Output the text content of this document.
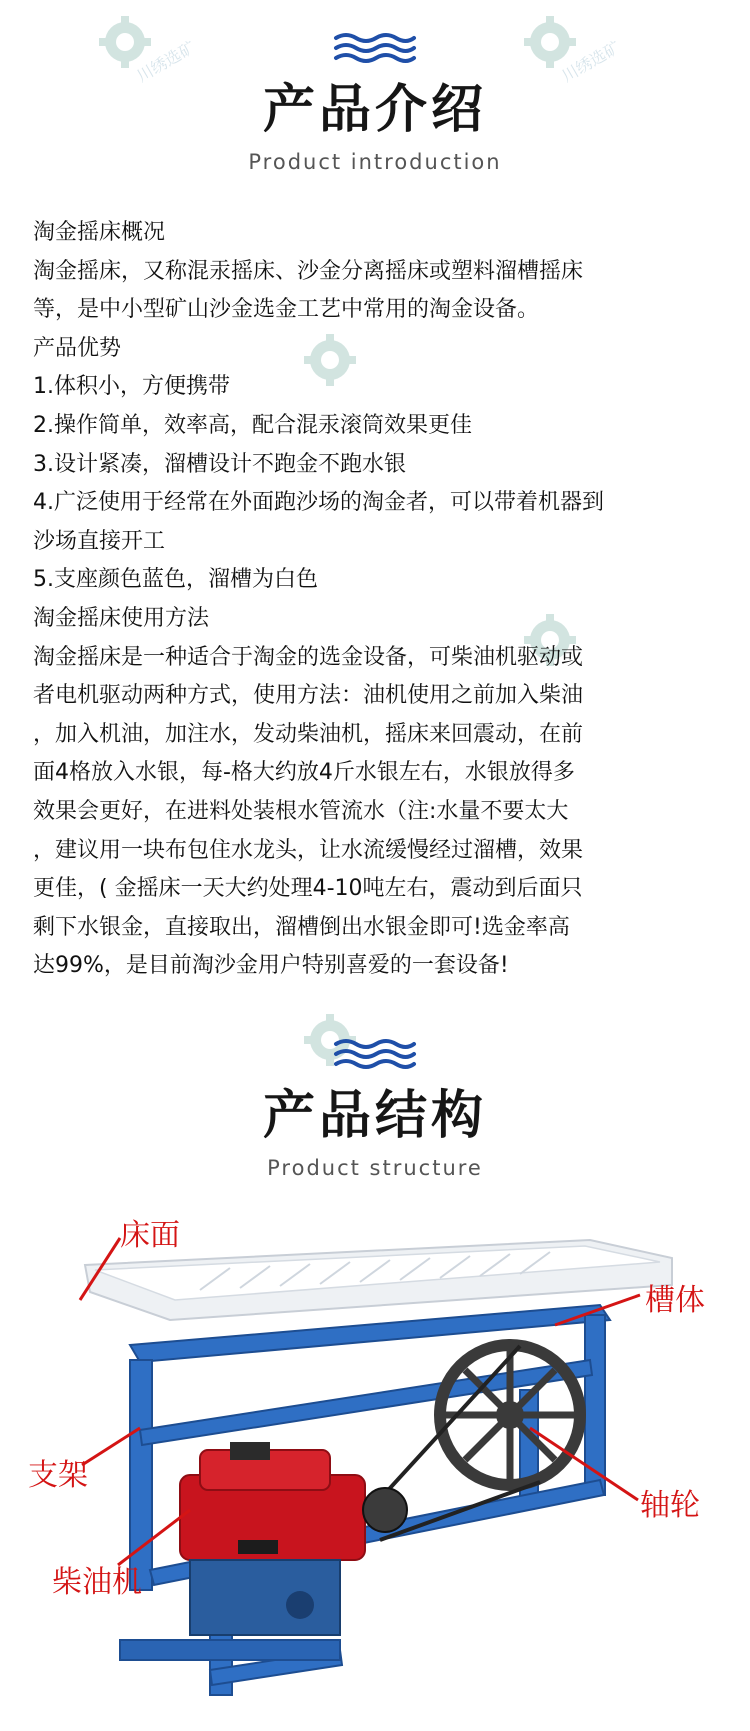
川绣选矿	川绣选矿
产品介绍
Product introduction

淘金摇床概况

淘金摇床，又称混汞摇床、沙金分离摇床或塑料溜槽摇床

等，是中小型矿山沙金选金工艺中常用的淘金设备。

产品优势

1.体积小，方便携带

2.操作简单，效率高，配合混汞滚筒效果更佳

3.设计紧凑，溜槽设计不跑金不跑水银

4.广泛使用于经常在外面跑沙场的淘金者，可以带着机器到

沙场直接开工

5.支座颜色蓝色，溜槽为白色

淘金摇床使用方法

淘金摇床是一种适合于淘金的选金设备，可柴油机驱动或

者电机驱动两种方式，使用方法：油机使用之前加入柴油

，加入机油，加注水，发动柴油机，摇床来回震动，在前

面4格放入水银，每-格大约放4斤水银左右，水银放得多

效果会更好，在进料处装根水管流水（注:水量不要太大

，建议用一块布包住水龙头，让水流缓慢经过溜槽，效果

更佳，( 金摇床一天大约处理4-10吨左右，震动到后面只

剩下水银金，直接取出，溜槽倒出水银金即可!选金率高

达99%，是目前淘沙金用户特别喜爱的一套设备!

产品结构
Product structure
床面
槽体
支架
轴轮
柴油机
